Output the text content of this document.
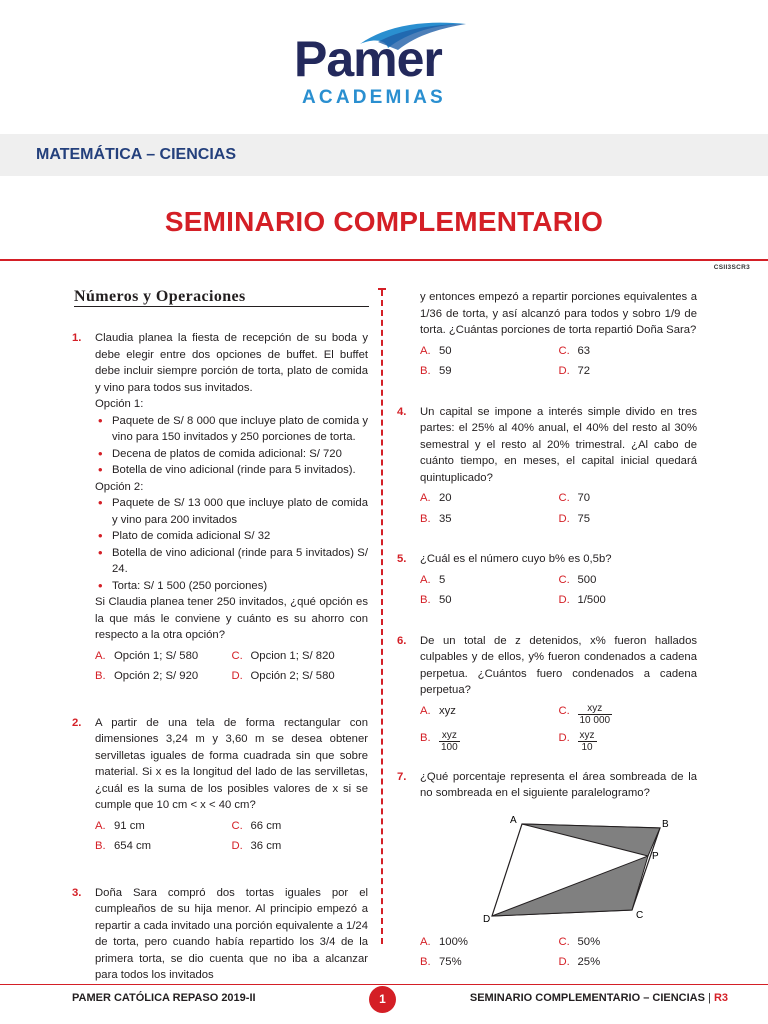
Pamer
ACADEMIAS
MATEMÁTICA – CIENCIAS
SEMINARIO COMPLEMENTARIO
CSII3SCR3
Números y Operaciones
1. Claudia planea la fiesta de recepción de su boda y debe elegir entre dos opciones de buffet. El buffet debe incluir siempre porción de torta, plato de comida y vino para todos sus invitados.

Opción 1:

• Paquete de S/ 8 000 que incluye plato de comida y vino para 150 invitados y 250 porciones de torta.
• Decena de platos de comida adicional: S/ 720
• Botella de vino adicional (rinde para 5 invitados).

Opción 2:

• Paquete de S/ 13 000 que incluye plato de comida y vino para 200 invitados
• Plato de comida adicional S/ 32
• Botella de vino adicional (rinde para 5 invitados) S/ 24.
• Torta: S/ 1 500 (250 porciones)

Si Claudia planea tener 250 invitados, ¿qué opción es la que más le conviene y cuánto es su ahorro con respecto a la otra opción?

A. Opción 1; S/ 580	C. Opcion 1; S/ 820
B. Opción 2; S/ 920	D. Opción 2; S/ 580
2. A partir de una tela de forma rectangular con dimensiones 3,24 m y 3,60 m se desea obtener servilletas iguales de forma cuadrada sin que sobre material. Si x es la longitud del lado de las servilletas, ¿cuál es la suma de los posibles valores de x si se cumple que 10 cm < x < 40 cm?

A. 91 cm	C. 66 cm
B. 654 cm	D. 36 cm
3. Doña Sara compró dos tortas iguales por el cumpleaños de su hija menor. Al principio empezó a repartir a cada invitado una porción equivalente a 1/24 de torta, pero cuando había repartido los 3/4 de la primera torta, se dio cuenta que no iba a alcanzar para todos los invitados

y entonces empezó a repartir porciones equivalentes a 1/36 de torta, y así alcanzó para todos y sobro 1/9 de torta. ¿Cuántas porciones de torta repartió Doña Sara?

A. 50	C. 63
B. 59	D. 72
4. Un capital se impone a interés simple divido en tres partes: el 25% al 40% anual, el 40% del resto al 30% semestral y el resto al 20% trimestral. ¿Al cabo de cuánto tiempo, en meses, el capital inicial quedará quintuplicado?

A. 20	C. 70
B. 35	D. 75
5. ¿Cuál es el número cuyo b% es 0,5b?

A. 5	C. 500
B. 50	D. 1/500
6. De un total de z detenidos, x% fueron hallados culpables y de ellos, y% fueron condenados a cadena perpetua. ¿Cuántos fuero condenados a cadena perpetua?

A. xyz	C. $\frac{\text{xyz}}{10 000}$
B. $\frac{\text{xyz}}{100}$	D. $\frac{\text{xyz}}{10}$
7. ¿Qué porcentaje representa el área sombreada de la no sombreada en el siguiente paralelogramo?

A	B
P
C
D
A. 100%	C. 50%
B. 75%	D. 25%
PAMER CATÓLICA REPASO 2019-II	1	SEMINARIO COMPLEMENTARIO – CIENCIAS | R3
